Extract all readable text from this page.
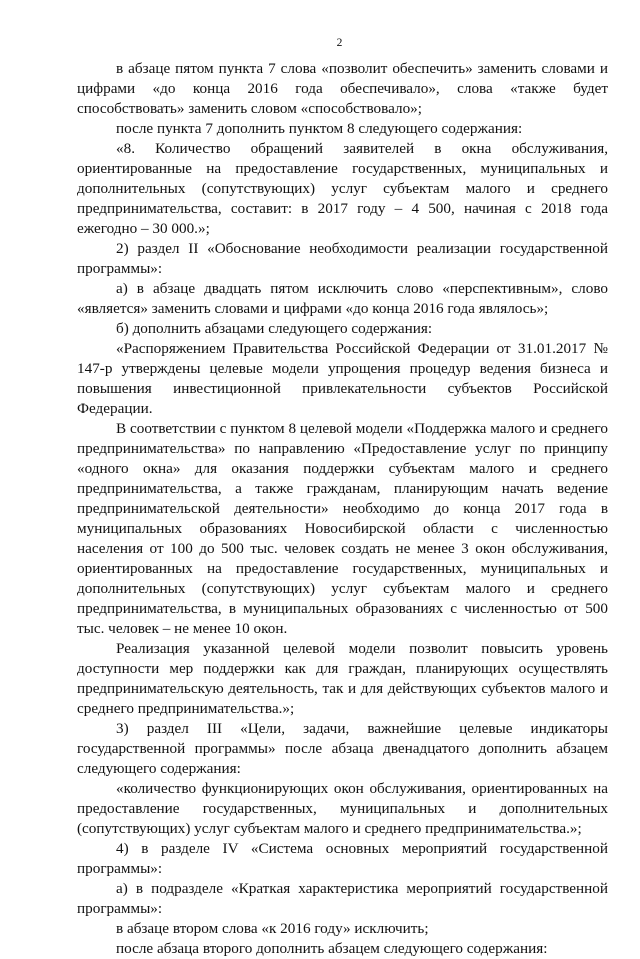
2

в абзаце пятом пункта 7 слова «позволит обеспечить» заменить словами и цифрами «до конца 2016 года обеспечивало», слова «также будет способствовать» заменить словом «способствовало»;

после пункта 7 дополнить пунктом 8 следующего содержания:

«8. Количество обращений заявителей в окна обслуживания, ориентированные на предоставление государственных, муниципальных и дополнительных (сопутствующих) услуг субъектам малого и среднего предпринимательства, составит: в 2017 году – 4 500, начиная с 2018 года ежегодно – 30 000.»;

2) раздел II «Обоснование необходимости реализации государственной программы»:

а) в абзаце двадцать пятом исключить слово «перспективным», слово «является» заменить словами и цифрами «до конца 2016 года являлось»;

б) дополнить абзацами следующего содержания:

«Распоряжением Правительства Российской Федерации от 31.01.2017 № 147-р утверждены целевые модели упрощения процедур ведения бизнеса и повышения инвестиционной привлекательности субъектов Российской Федерации.

В соответствии с пунктом 8 целевой модели «Поддержка малого и среднего предпринимательства» по направлению «Предоставление услуг по принципу «одного окна» для оказания поддержки субъектам малого и среднего предпринимательства, а также гражданам, планирующим начать ведение предпринимательской деятельности» необходимо до конца 2017 года в муниципальных образованиях Новосибирской области с численностью населения от 100 до 500 тыс. человек создать не менее 3 окон обслуживания, ориентированных на предоставление государственных, муниципальных и дополнительных (сопутствующих) услуг субъектам малого и среднего предпринимательства, в муниципальных образованиях с численностью от 500 тыс. человек – не менее 10 окон.

Реализация указанной целевой модели позволит повысить уровень доступности мер поддержки как для граждан, планирующих осуществлять предпринимательскую деятельность, так и для действующих субъектов малого и среднего предпринимательства.»;

3) раздел III «Цели, задачи, важнейшие целевые индикаторы государственной программы» после абзаца двенадцатого дополнить абзацем следующего содержания:

«количество функционирующих окон обслуживания, ориентированных на предоставление государственных, муниципальных и дополнительных (сопутствующих) услуг субъектам малого и среднего предпринимательства.»;

4) в разделе IV «Система основных мероприятий государственной программы»:

а) в подразделе «Краткая характеристика мероприятий государственной программы»:

в абзаце втором слова «к 2016 году» исключить;

после абзаца второго дополнить абзацем следующего содержания:
